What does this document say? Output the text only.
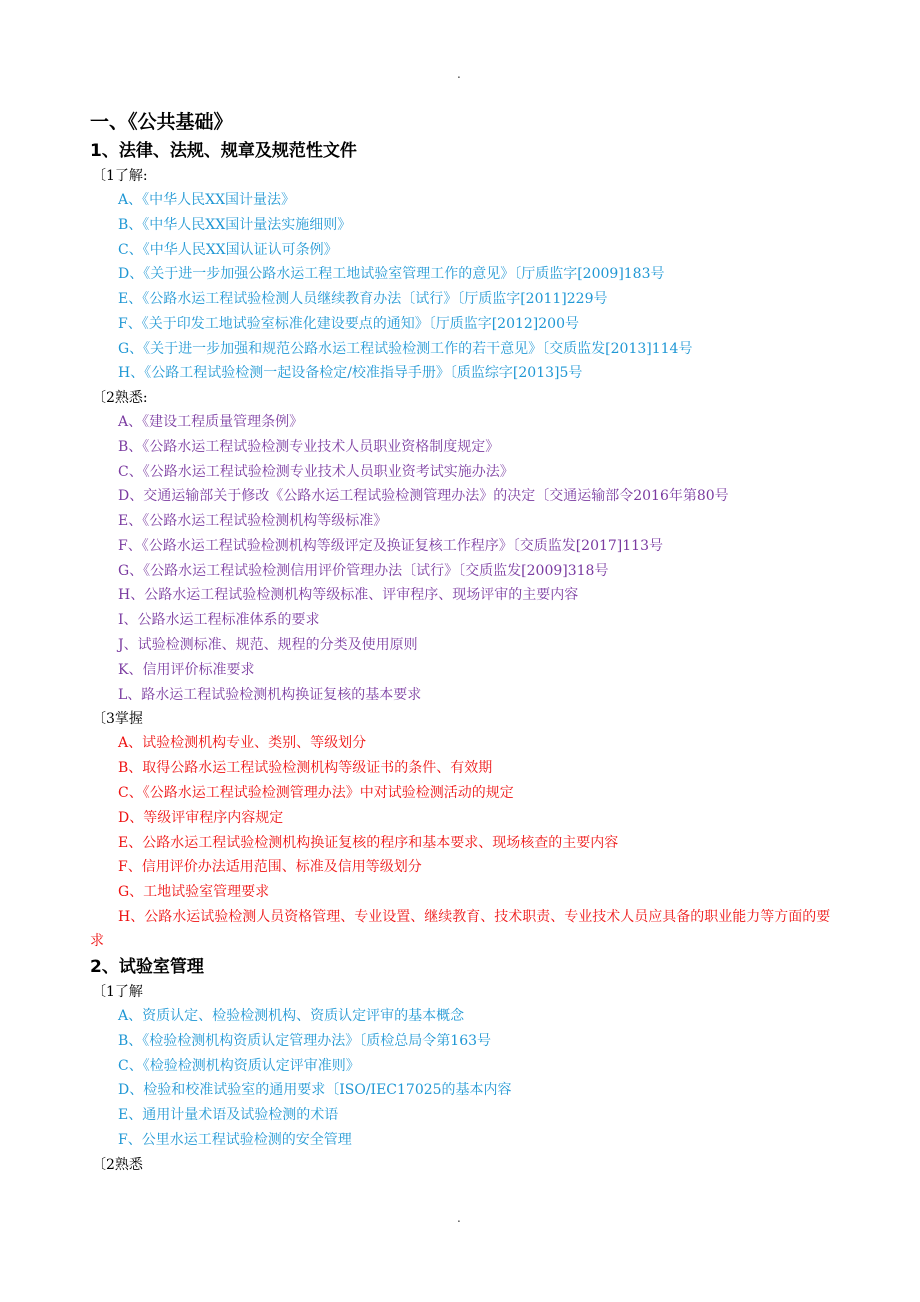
.
一、《公共基础》
1、法律、法规、规章及规范性文件
〔1了解:
A、《中华人民XX国计量法》
B、《中华人民XX国计量法实施细则》
C、《中华人民XX国认证认可条例》
D、《关于进一步加强公路水运工程工地试验室管理工作的意见》〔厅质监字[2009]183号
E、《公路水运工程试验检测人员继续教育办法〔试行》〔厅质监字[2011]229号
F、《关于印发工地试验室标准化建设要点的通知》〔厅质监字[2012]200号
G、《关于进一步加强和规范公路水运工程试验检测工作的若干意见》〔交质监发[2013]114号
H、《公路工程试验检测一起设备检定/校准指导手册》〔质监综字[2013]5号
〔2熟悉:
A、《建设工程质量管理条例》
B、《公路水运工程试验检测专业技术人员职业资格制度规定》
C、《公路水运工程试验检测专业技术人员职业资考试实施办法》
D、交通运输部关于修改《公路水运工程试验检测管理办法》的决定〔交通运输部令2016年第80号
E、《公路水运工程试验检测机构等级标准》
F、《公路水运工程试验检测机构等级评定及换证复核工作程序》〔交质监发[2017]113号
G、《公路水运工程试验检测信用评价管理办法〔试行》〔交质监发[2009]318号
H、公路水运工程试验检测机构等级标准、评审程序、现场评审的主要内容
I、公路水运工程标准体系的要求
J、试验检测标准、规范、规程的分类及使用原则
K、信用评价标准要求
L、路水运工程试验检测机构换证复核的基本要求
〔3掌握
A、试验检测机构专业、类别、等级划分
B、取得公路水运工程试验检测机构等级证书的条件、有效期
C、《公路水运工程试验检测管理办法》中对试验检测活动的规定
D、等级评审程序内容规定
E、公路水运工程试验检测机构换证复核的程序和基本要求、现场核查的主要内容
F、信用评价办法适用范围、标准及信用等级划分
G、工地试验室管理要求
H、公路水运试验检测人员资格管理、专业设置、继续教育、技术职责、专业技术人员应具备的职业能力等方面的要求
2、试验室管理
〔1了解
A、资质认定、检验检测机构、资质认定评审的基本概念
B、《检验检测机构资质认定管理办法》〔质检总局令第163号
C、《检验检测机构资质认定评审准则》
D、检验和校准试验室的通用要求〔ISO/IEC17025的基本内容
E、通用计量术语及试验检测的术语
F、公里水运工程试验检测的安全管理
〔2熟悉
.
